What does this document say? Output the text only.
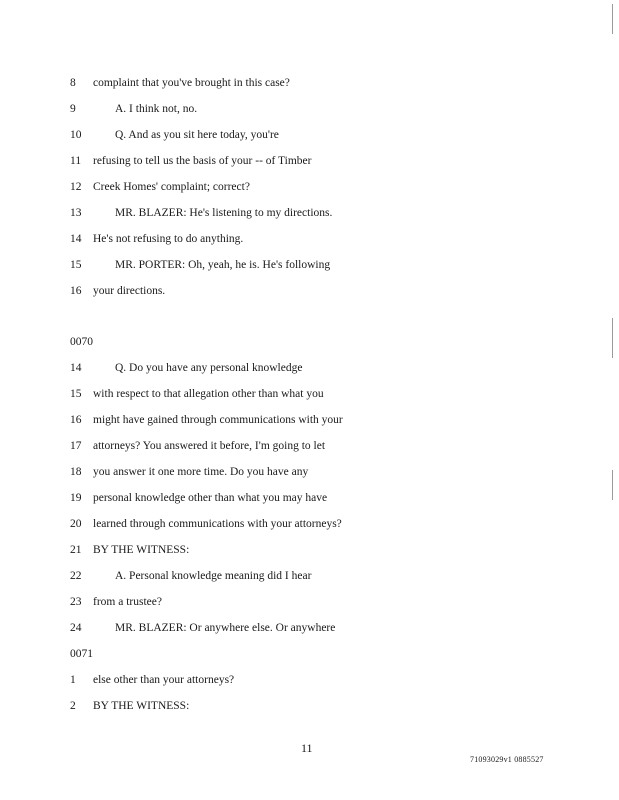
8	complaint that you've brought in this case?
9	A. I think not, no.
10	Q. And as you sit here today, you're
11	refusing to tell us the basis of your -- of Timber
12	Creek Homes' complaint; correct?
13	MR. BLAZER: He's listening to my directions.
14	He's not refusing to do anything.
15	MR. PORTER: Oh, yeah, he is. He's following
16	your directions.
0070
14	Q. Do you have any personal knowledge
15	with respect to that allegation other than what you
16	might have gained through communications with your
17	attorneys? You answered it before, I'm going to let
18	you answer it one more time. Do you have any
19	personal knowledge other than what you may have
20	learned through communications with your attorneys?
21	BY THE WITNESS:
22	A. Personal knowledge meaning did I hear
23	from a trustee?
24	MR. BLAZER: Or anywhere else. Or anywhere
0071
1	else other than your attorneys?
2	BY THE WITNESS:
11
71093029v1 0885527
